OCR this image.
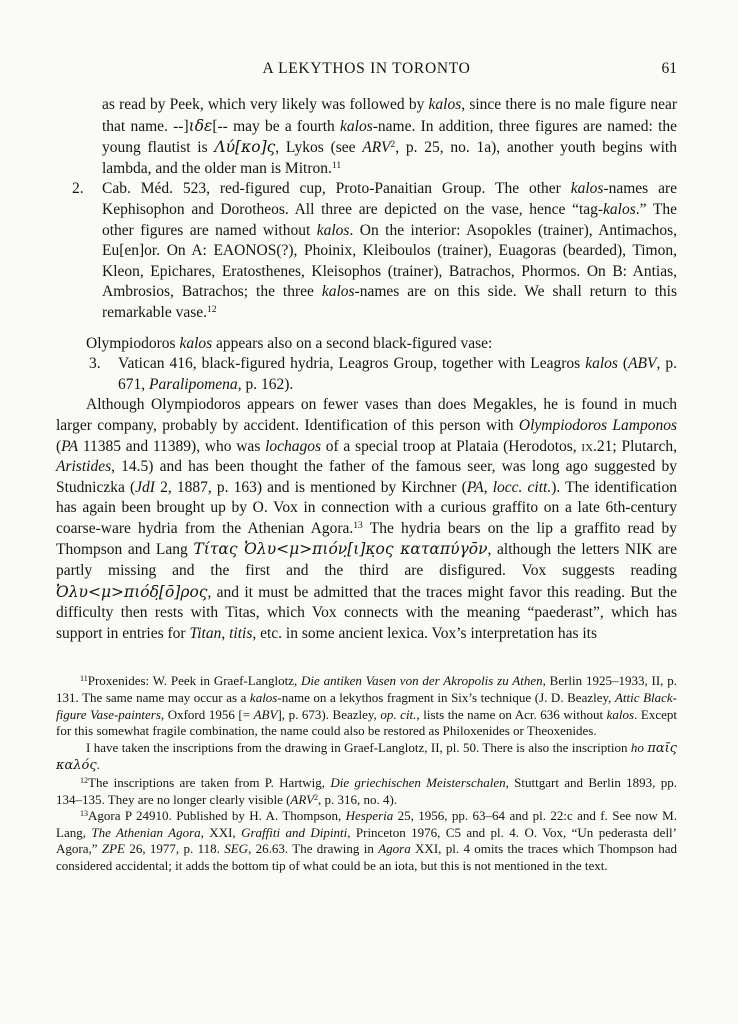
A LEKYTHOS IN TORONTO	61

as read by Peek, which very likely was followed by kalos, since there is no male figure near that name. --]ιδε[-- may be a fourth kalos-name. In addition, three figures are named: the young flautist is Λύ[κο]ς, Lykos (see ARV$^2$, p. 25, no. 1a), another youth begins with lambda, and the older man is Mitron.$^{11}$

2. Cab. Méd. 523, red-figured cup, Proto-Panaitian Group. The other kalos-names are Kephisophon and Dorotheos. All three are depicted on the vase, hence “tag-kalos.” The other figures are named without kalos. On the interior: Asopokles (trainer), Antimachos, Eu[en]or. On A: EAONOS(?), Phoinix, Kleiboulos (trainer), Euagoras (bearded), Timon, Kleon, Epichares, Eratosthenes, Kleisophos (trainer), Batrachos, Phormos. On B: Antias, Ambrosios, Batrachos; the three kalos-names are on this side. We shall return to this remarkable vase.$^{12}$

Olympiodoros kalos appears also on a second black-figured vase:

3. Vatican 416, black-figured hydria, Leagros Group, together with Leagros kalos (ABV, p. 671, Paralipomena, p. 162).

Although Olympiodoros appears on fewer vases than does Megakles, he is found in much larger company, probably by accident. Identification of this person with Olympiodoros Lamponos (PA 11385 and 11389), who was lochagos of a special troop at Plataia (Herodotos, ix.21; Plutarch, Aristides, 14.5) and has been thought the father of the famous seer, was long ago suggested by Studniczka (JdI 2, 1887, p. 163) and is mentioned by Kirchner (PA, locc. citt.). The identification has again been brought up by O. Vox in connection with a curious graffito on a late 6th-century coarse-ware hydria from the Athenian Agora.$^{13}$ The hydria bears on the lip a graffito read by Thompson and Lang Τίτας Ὀλυ<μ>πιόν̣[ι]κ̣ος καταπύγōν, although the letters NIK are partly missing and the first and the third are disfigured. Vox suggests reading Ὀλυ<μ>πιόδ̣[ō]ρος, and it must be admitted that the traces might favor this reading. But the difficulty then rests with Titas, which Vox connects with the meaning “paederast”, which has support in entries for Titan, titis, etc. in some ancient lexica. Vox’s interpretation has its

$^{11}$Proxenides: W. Peek in Graef-Langlotz, Die antiken Vasen von der Akropolis zu Athen, Berlin 1925–1933, II, p. 131. The same name may occur as a kalos-name on a lekythos fragment in Six’s technique (J. D. Beazley, Attic Black-figure Vase-painters, Oxford 1956 [= ABV], p. 673). Beazley, op. cit., lists the name on Acr. 636 without kalos. Except for this somewhat fragile combination, the name could also be restored as Philoxenides or Theoxenides.

I have taken the inscriptions from the drawing in Graef-Langlotz, II, pl. 50. There is also the inscription ho παῖς καλός.

$^{12}$The inscriptions are taken from P. Hartwig, Die griechischen Meisterschalen, Stuttgart and Berlin 1893, pp. 134–135. They are no longer clearly visible (ARV$^2$, p. 316, no. 4).

$^{13}$Agora P 24910. Published by H. A. Thompson, Hesperia 25, 1956, pp. 63–64 and pl. 22:c and f. See now M. Lang, The Athenian Agora, XXI, Graffiti and Dipinti, Princeton 1976, C5 and pl. 4. O. Vox, “Un pederasta dell’ Agora,” ZPE 26, 1977, p. 118. SEG, 26.63. The drawing in Agora XXI, pl. 4 omits the traces which Thompson had considered accidental; it adds the bottom tip of what could be an iota, but this is not mentioned in the text.
